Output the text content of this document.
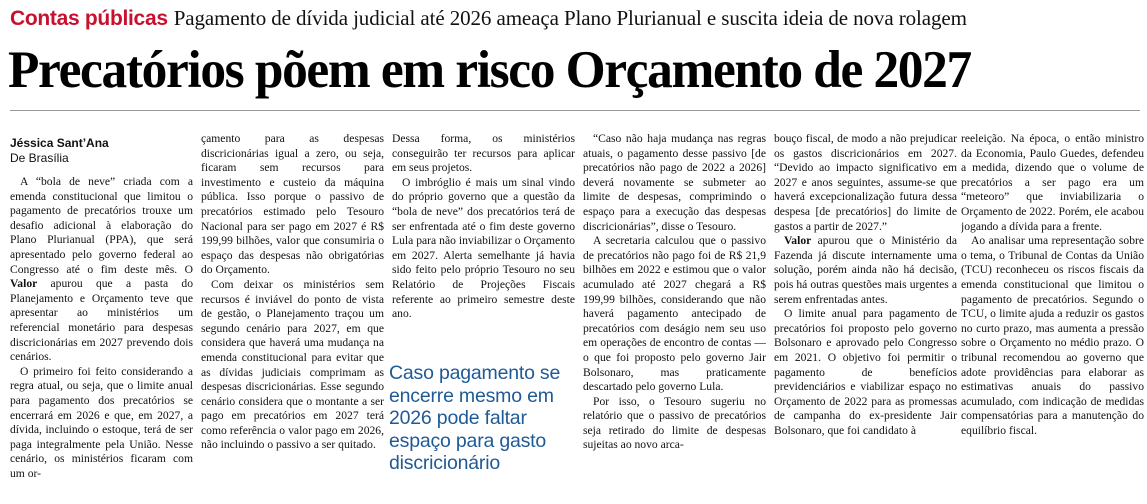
Contas públicas Pagamento de dívida judicial até 2026 ameaça Plano Plurianual e suscita ideia de nova rolagem
Precatórios põem em risco Orçamento de 2027
Jéssica Sant’Ana
De Brasília

A “bola de neve” criada com a emenda constitucional que limitou o pagamento de precatórios trouxe um desafio adicional à elaboração do Plano Plurianual (PPA), que será apresentado pelo governo federal ao Congresso até o fim deste mês. O Valor apurou que a pasta do Planejamento e Orçamento teve que apresentar ao ministérios um referencial monetário para despesas discricionárias em 2027 prevendo dois cenários.

O primeiro foi feito considerando a regra atual, ou seja, que o limite anual para pagamento dos precatórios se encerrará em 2026 e que, em 2027, a dívida, incluindo o estoque, terá de ser paga integralmente pela União. Nesse cenário, os ministérios ficaram com um or-

çamento para as despesas discricionárias igual a zero, ou seja, ficaram sem recursos para investimento e custeio da máquina pública. Isso porque o passivo de precatórios estimado pelo Tesouro Nacional para ser pago em 2027 é R$ 199,99 bilhões, valor que consumiria o espaço das despesas não obrigatórias do Orçamento.

Com deixar os ministérios sem recursos é inviável do ponto de vista de gestão, o Planejamento traçou um segundo cenário para 2027, em que considera que haverá uma mudança na emenda constitucional para evitar que as dívidas judiciais comprimam as despesas discricionárias. Esse segundo cenário considera que o montante a ser pago em precatórios em 2027 terá como referência o valor pago em 2026, não incluindo o passivo a ser quitado.

Dessa forma, os ministérios conseguirão ter recursos para aplicar em seus projetos.

O imbróglio é mais um sinal vindo do próprio governo que a questão da “bola de neve” dos precatórios terá de ser enfrentada até o fim deste governo Lula para não inviabilizar o Orçamento em 2027. Alerta semelhante já havia sido feito pelo próprio Tesouro no seu Relatório de Projeções Fiscais referente ao primeiro semestre deste ano.

Caso pagamento se encerre mesmo em 2026 pode faltar espaço para gasto discricionário

“Caso não haja mudança nas regras atuais, o pagamento desse passivo [de precatórios não pago de 2022 a 2026] deverá novamente se submeter ao limite de despesas, comprimindo o espaço para a execução das despesas discricionárias”, disse o Tesouro.

A secretaria calculou que o passivo de precatórios não pago foi de R$ 21,9 bilhões em 2022 e estimou que o valor acumulado até 2027 chegará a R$ 199,99 bilhões, considerando que não haverá pagamento antecipado de precatórios com deságio nem seu uso em operações de encontro de contas — o que foi proposto pelo governo Jair Bolsonaro, mas praticamente descartado pelo governo Lula.

Por isso, o Tesouro sugeriu no relatório que o passivo de precatórios seja retirado do limite de despesas sujeitas ao novo arca-

bouço fiscal, de modo a não prejudicar os gastos discricionários em 2027. “Devido ao impacto significativo em 2027 e anos seguintes, assume-se que haverá excepcionalização futura dessa despesa [de precatórios] do limite de gastos a partir de 2027.”

Valor apurou que o Ministério da Fazenda já discute internamente uma solução, porém ainda não há decisão, pois há outras questões mais urgentes a serem enfrentadas antes.

O limite anual para pagamento de precatórios foi proposto pelo governo Bolsonaro e aprovado pelo Congresso em 2021. O objetivo foi permitir o pagamento de benefícios previdenciários e viabilizar espaço no Orçamento de 2022 para as promessas de campanha do ex-presidente Jair Bolsonaro, que foi candidato à

reeleição. Na época, o então ministro da Economia, Paulo Guedes, defendeu a medida, dizendo que o volume de precatórios a ser pago era um “meteoro” que inviabilizaria o Orçamento de 2022. Porém, ele acabou jogando a dívida para a frente.

Ao analisar uma representação sobre o tema, o Tribunal de Contas da União (TCU) reconheceu os riscos fiscais da emenda constitucional que limitou o pagamento de precatórios. Segundo o TCU, o limite ajuda a reduzir os gastos no curto prazo, mas aumenta a pressão sobre o Orçamento no médio prazo. O tribunal recomendou ao governo que adote providências para elaborar as estimativas anuais do passivo acumulado, com indicação de medidas compensatórias para a manutenção do equilíbrio fiscal.
